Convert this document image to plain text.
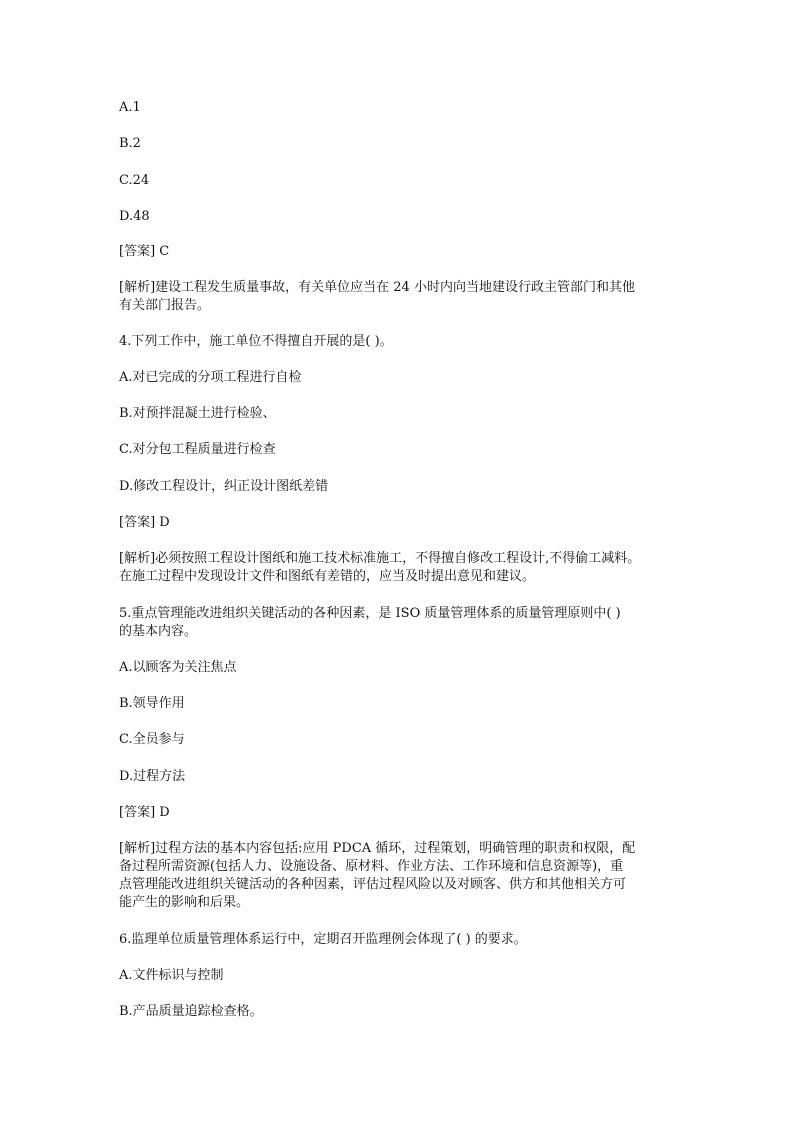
A.1

B.2

C.24

D.48

[答案] C

[解析]建设工程发生质量事故，有关单位应当在 24 小时内向当地建设行政主管部门和其他

有关部门报告。

4.下列工作中，施工单位不得擅自开展的是( )。

A.对已完成的分项工程进行自检

B.对预拌混凝土进行检验、

C.对分包工程质量进行检查

D.修改工程设计，纠正设计图纸差错

[答案] D

[解析]必须按照工程设计图纸和施工技术标准施工，不得擅自修改工程设计,不得偷工减料。

在施工过程中发现设计文件和图纸有差错的，应当及时提出意见和建议。

5.重点管理能改进组织关键活动的各种因素，是 ISO 质量管理体系的质量管理原则中( )

的基本内容。

A.以顾客为关注焦点

B.领导作用

C.全员参与

D.过程方法

[答案] D

[解析]过程方法的基本内容包括:应用 PDCA 循环，过程策划，明确管理的职责和权限，配

备过程所需资源(包括人力、设施设备、原材料、作业方法、工作环境和信息资源等)，重

点管理能改进组织关键活动的各种因素，评估过程风险以及对顾客、供方和其他相关方可

能产生的影响和后果。

6.监理单位质量管理体系运行中，定期召开监理例会体现了( ) 的要求。

A.文件标识与控制

B.产品质量追踪检查格。
